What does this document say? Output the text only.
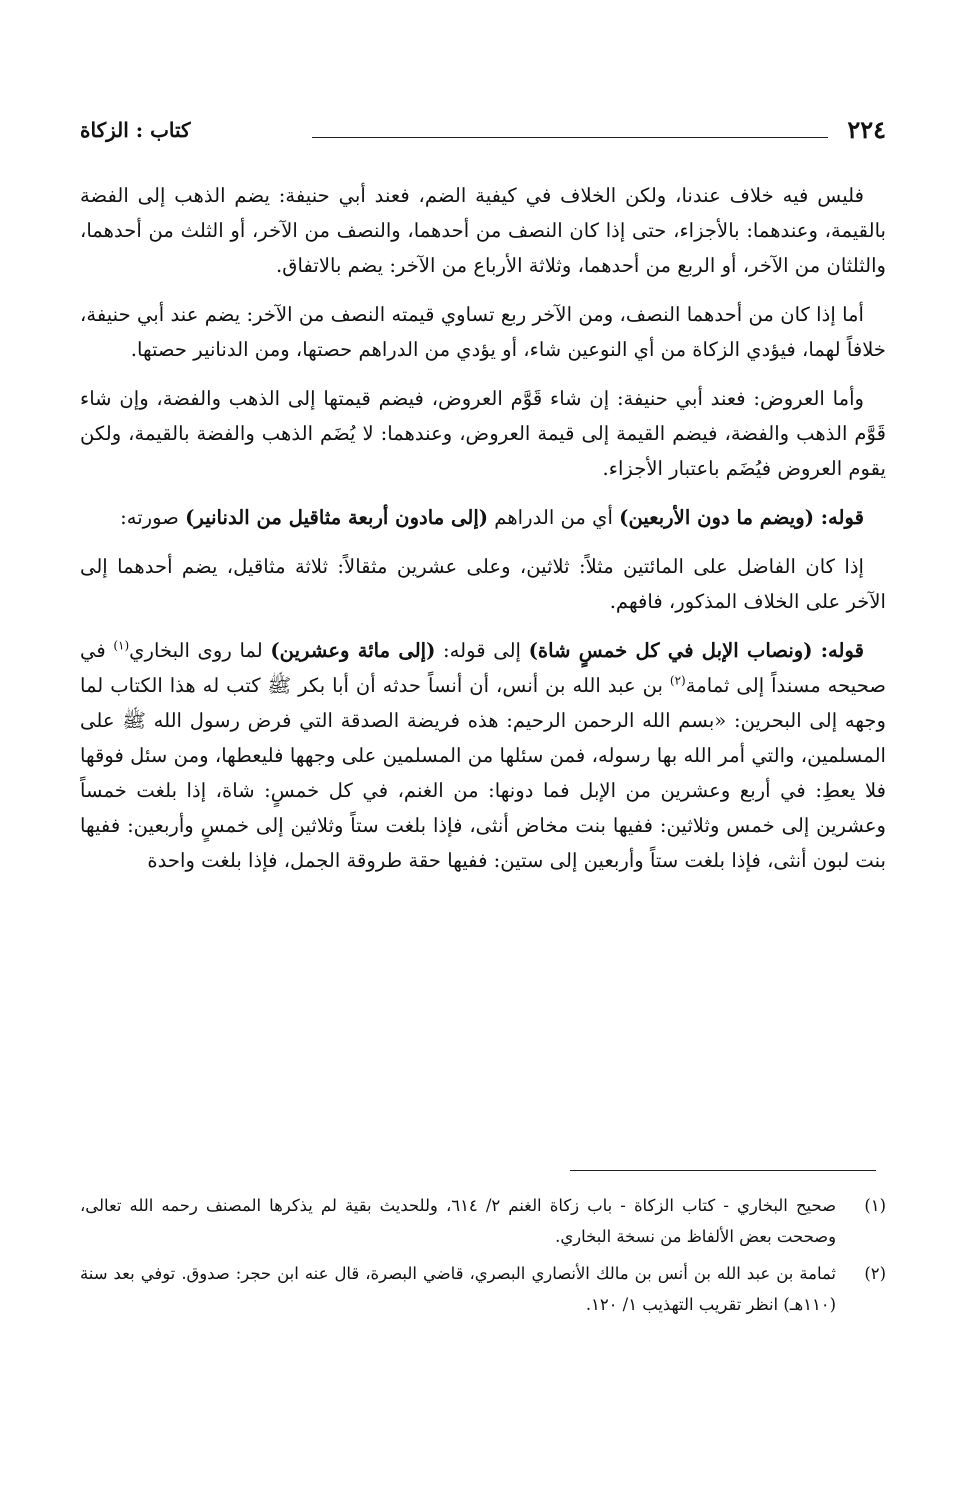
٢٢٤
كتاب : الزكاة

فليس فيه خلاف عندنا، ولكن الخلاف في كيفية الضم، فعند أبي حنيفة: يضم الذهب إلى الفضة بالقيمة، وعندهما: بالأجزاء، حتى إذا كان النصف من أحدهما، والنصف من الآخر، أو الثلث من أحدهما، والثلثان من الآخر، أو الربع من أحدهما، وثلاثة الأرباع من الآخر: يضم بالاتفاق.

أما إذا كان من أحدهما النصف، ومن الآخر ربع تساوي قيمته النصف من الآخر: يضم عند أبي حنيفة، خلافاً لهما، فيؤدي الزكاة من أي النوعين شاء، أو يؤدي من الدراهم حصتها، ومن الدنانير حصتها.

وأما العروض: فعند أبي حنيفة: إن شاء قَوَّم العروض، فيضم قيمتها إلى الذهب والفضة، وإن شاء قَوَّم الذهب والفضة، فيضم القيمة إلى قيمة العروض، وعندهما: لا يُضَم الذهب والفضة بالقيمة، ولكن يقوم العروض فيُضَم باعتبار الأجزاء.

قوله: (ويضم ما دون الأربعين) أي من الدراهم (إلى مادون أربعة مثاقيل من الدنانير) صورته:

إذا كان الفاضل على المائتين مثلاً: ثلاثين، وعلى عشرين مثقالاً: ثلاثة مثاقيل، يضم أحدهما إلى الآخر على الخلاف المذكور، فافهم.

قوله: (ونصاب الإبل في كل خمسٍ شاة) إلى قوله: (إلى مائة وعشرين) لما روى البخاري$^{(١)}$ في صحيحه مسنداً إلى ثمامة$^{(٢)}$ بن عبد الله بن أنس، أن أنساً حدثه أن أبا بكر ﷺ كتب له هذا الكتاب لما وجهه إلى البحرين: «بسم الله الرحمن الرحيم: هذه فريضة الصدقة التي فرض رسول الله ﷺ على المسلمين، والتي أمر الله بها رسوله، فمن سئلها من المسلمين على وجهها فليعطها، ومن سئل فوقها فلا يعطِ: في أربع وعشرين من الإبل فما دونها: من الغنم، في كل خمسٍ: شاة، إذا بلغت خمساً وعشرين إلى خمس وثلاثين: ففيها بنت مخاض أنثى، فإذا بلغت ستاً وثلاثين إلى خمسٍ وأربعين: ففيها بنت لبون أنثى، فإذا بلغت ستاً وأربعين إلى ستين: ففيها حقة طروقة الجمل، فإذا بلغت واحدة

(١)
صحيح البخاري - كتاب الزكاة - باب زكاة الغنم ٢/ ٦١٤، وللحديث بقية لم يذكرها المصنف رحمه الله تعالى، وصححت بعض الألفاظ من نسخة البخاري.
(٢)
ثمامة بن عبد الله بن أنس بن مالك الأنصاري البصري، قاضي البصرة، قال عنه ابن حجر: صدوق. توفي بعد سنة (١١٠هـ) انظر تقريب التهذيب ١/ ١٢٠.
